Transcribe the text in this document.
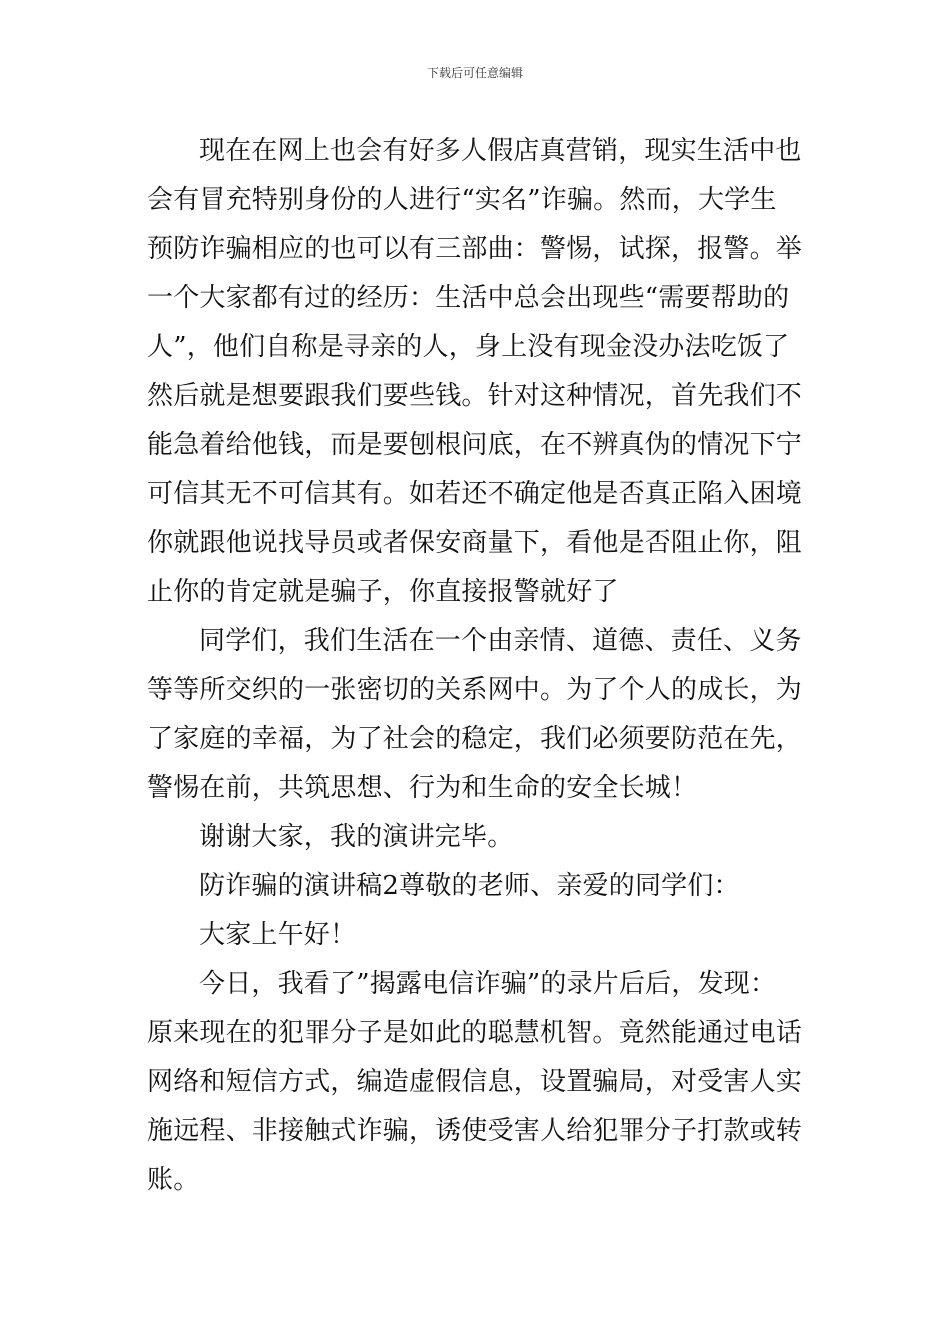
下载后可任意编辑
现在在网上也会有好多人假店真营销，现实生活中也
会有冒充特别身份的人进行“实名”诈骗。然而，大学生
预防诈骗相应的也可以有三部曲：警惕，试探，报警。举
一个大家都有过的经历：生活中总会出现些“需要帮助的
人”，他们自称是寻亲的人，身上没有现金没办法吃饭了
然后就是想要跟我们要些钱。针对这种情况，首先我们不
能急着给他钱，而是要刨根问底，在不辨真伪的情况下宁
可信其无不可信其有。如若还不确定他是否真正陷入困境
你就跟他说找导员或者保安商量下，看他是否阻止你，阻
止你的肯定就是骗子，你直接报警就好了
同学们，我们生活在一个由亲情、道德、责任、义务
等等所交织的一张密切的关系网中。为了个人的成长，为
了家庭的幸福，为了社会的稳定，我们必须要防范在先，
警惕在前，共筑思想、行为和生命的安全长城！
谢谢大家，我的演讲完毕。
防诈骗的演讲稿2尊敬的老师、亲爱的同学们：
大家上午好！
今日，我看了”揭露电信诈骗”的录片后后，发现：
原来现在的犯罪分子是如此的聪慧机智。竟然能通过电话
网络和短信方式，编造虚假信息，设置骗局，对受害人实
施远程、非接触式诈骗，诱使受害人给犯罪分子打款或转
账。
